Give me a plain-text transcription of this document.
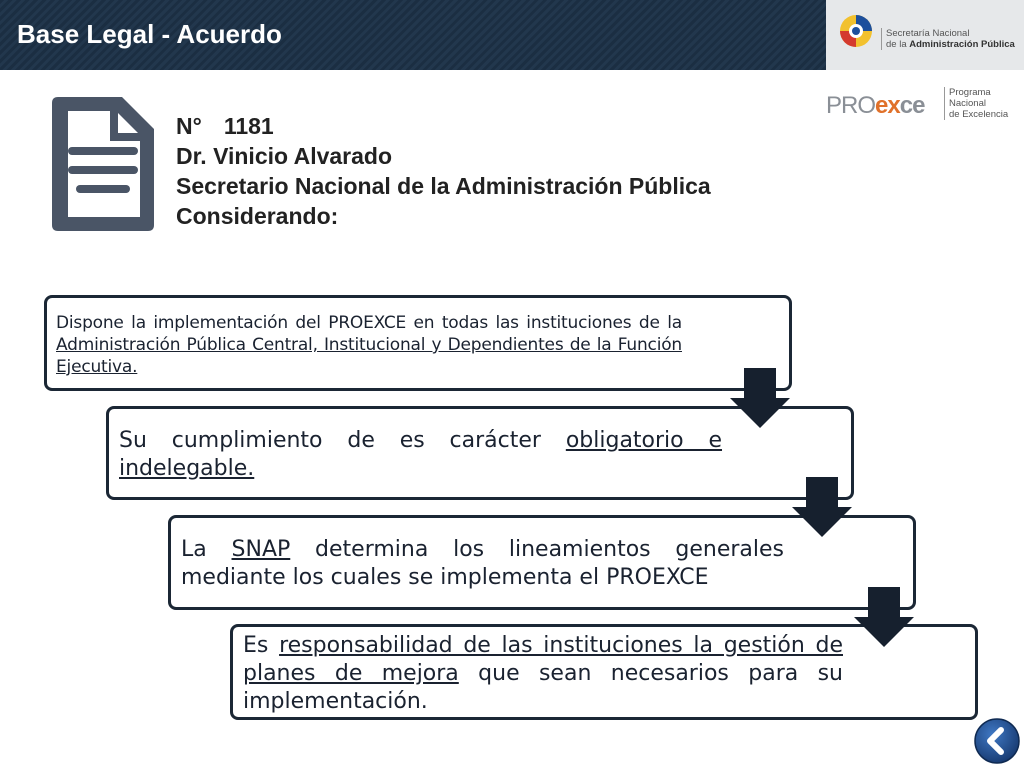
Base Legal - Acuerdo	Secretaría Nacional
de la Administración Pública
PROexce	Programa
Nacional
de Excelencia
N° 1181
Dr. Vinicio Alvarado
Secretario Nacional de la Administración Pública
Considerando:
Dispone la implementación del PROEXCE en todas las instituciones de la Administración Pública Central, Institucional y Dependientes de la Función Ejecutiva.
Su cumplimiento de es carácter obligatorio e indelegable.
La SNAP determina los lineamientos generales mediante los cuales se implementa el PROEXCE
Es responsabilidad de las instituciones la gestión de planes de mejora que sean necesarios para su implementación.
